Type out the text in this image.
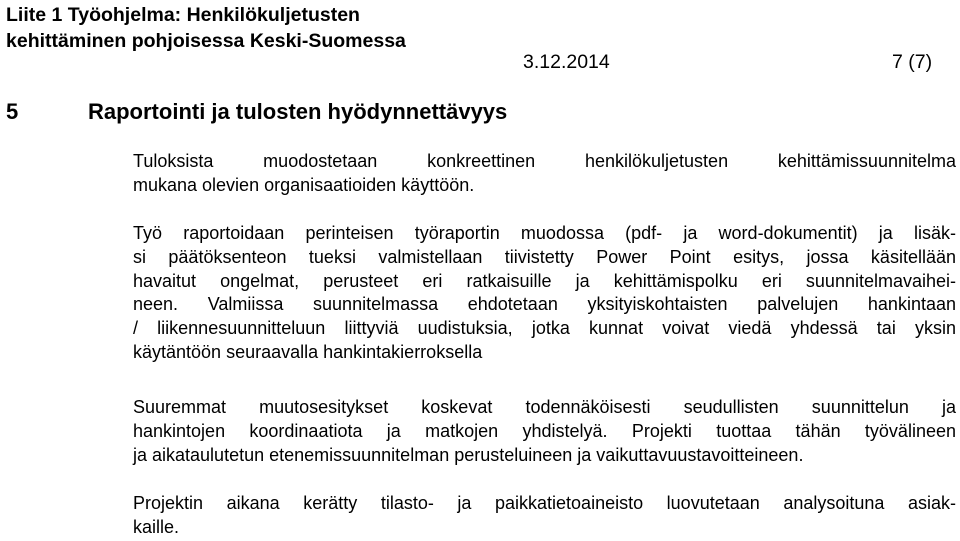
Liite 1 Työohjelma: Henkilökuljetusten
kehittäminen pohjoisessa Keski-Suomessa
3.12.2014	7 (7)
5	Raportointi ja tulosten hyödynnettävyys
Tuloksista muodostetaan konkreettinen henkilökuljetusten kehittämissuunnitelma
mukana olevien organisaatioiden käyttöön.
Työ raportoidaan perinteisen työraportin muodossa (pdf- ja word-dokumentit) ja lisäk-
si päätöksenteon tueksi valmistellaan tiivistetty Power Point esitys, jossa käsitellään
havaitut ongelmat, perusteet eri ratkaisuille ja kehittämispolku eri suunnitelmavaihei-
neen. Valmiissa suunnitelmassa ehdotetaan yksityiskohtaisten palvelujen hankintaan
/ liikennesuunnitteluun liittyviä uudistuksia, jotka kunnat voivat viedä yhdessä tai yksin
käytäntöön seuraavalla hankintakierroksella
Suuremmat muutosesitykset koskevat todennäköisesti seudullisten suunnittelun ja
hankintojen koordinaatiota ja matkojen yhdistelyä. Projekti tuottaa tähän työvälineen
ja aikataulutetun etenemissuunnitelman perusteluineen ja vaikuttavuustavoitteineen.
Projektin aikana kerätty tilasto- ja paikkatietoaineisto luovutetaan analysoituna asiak-
kaille.
